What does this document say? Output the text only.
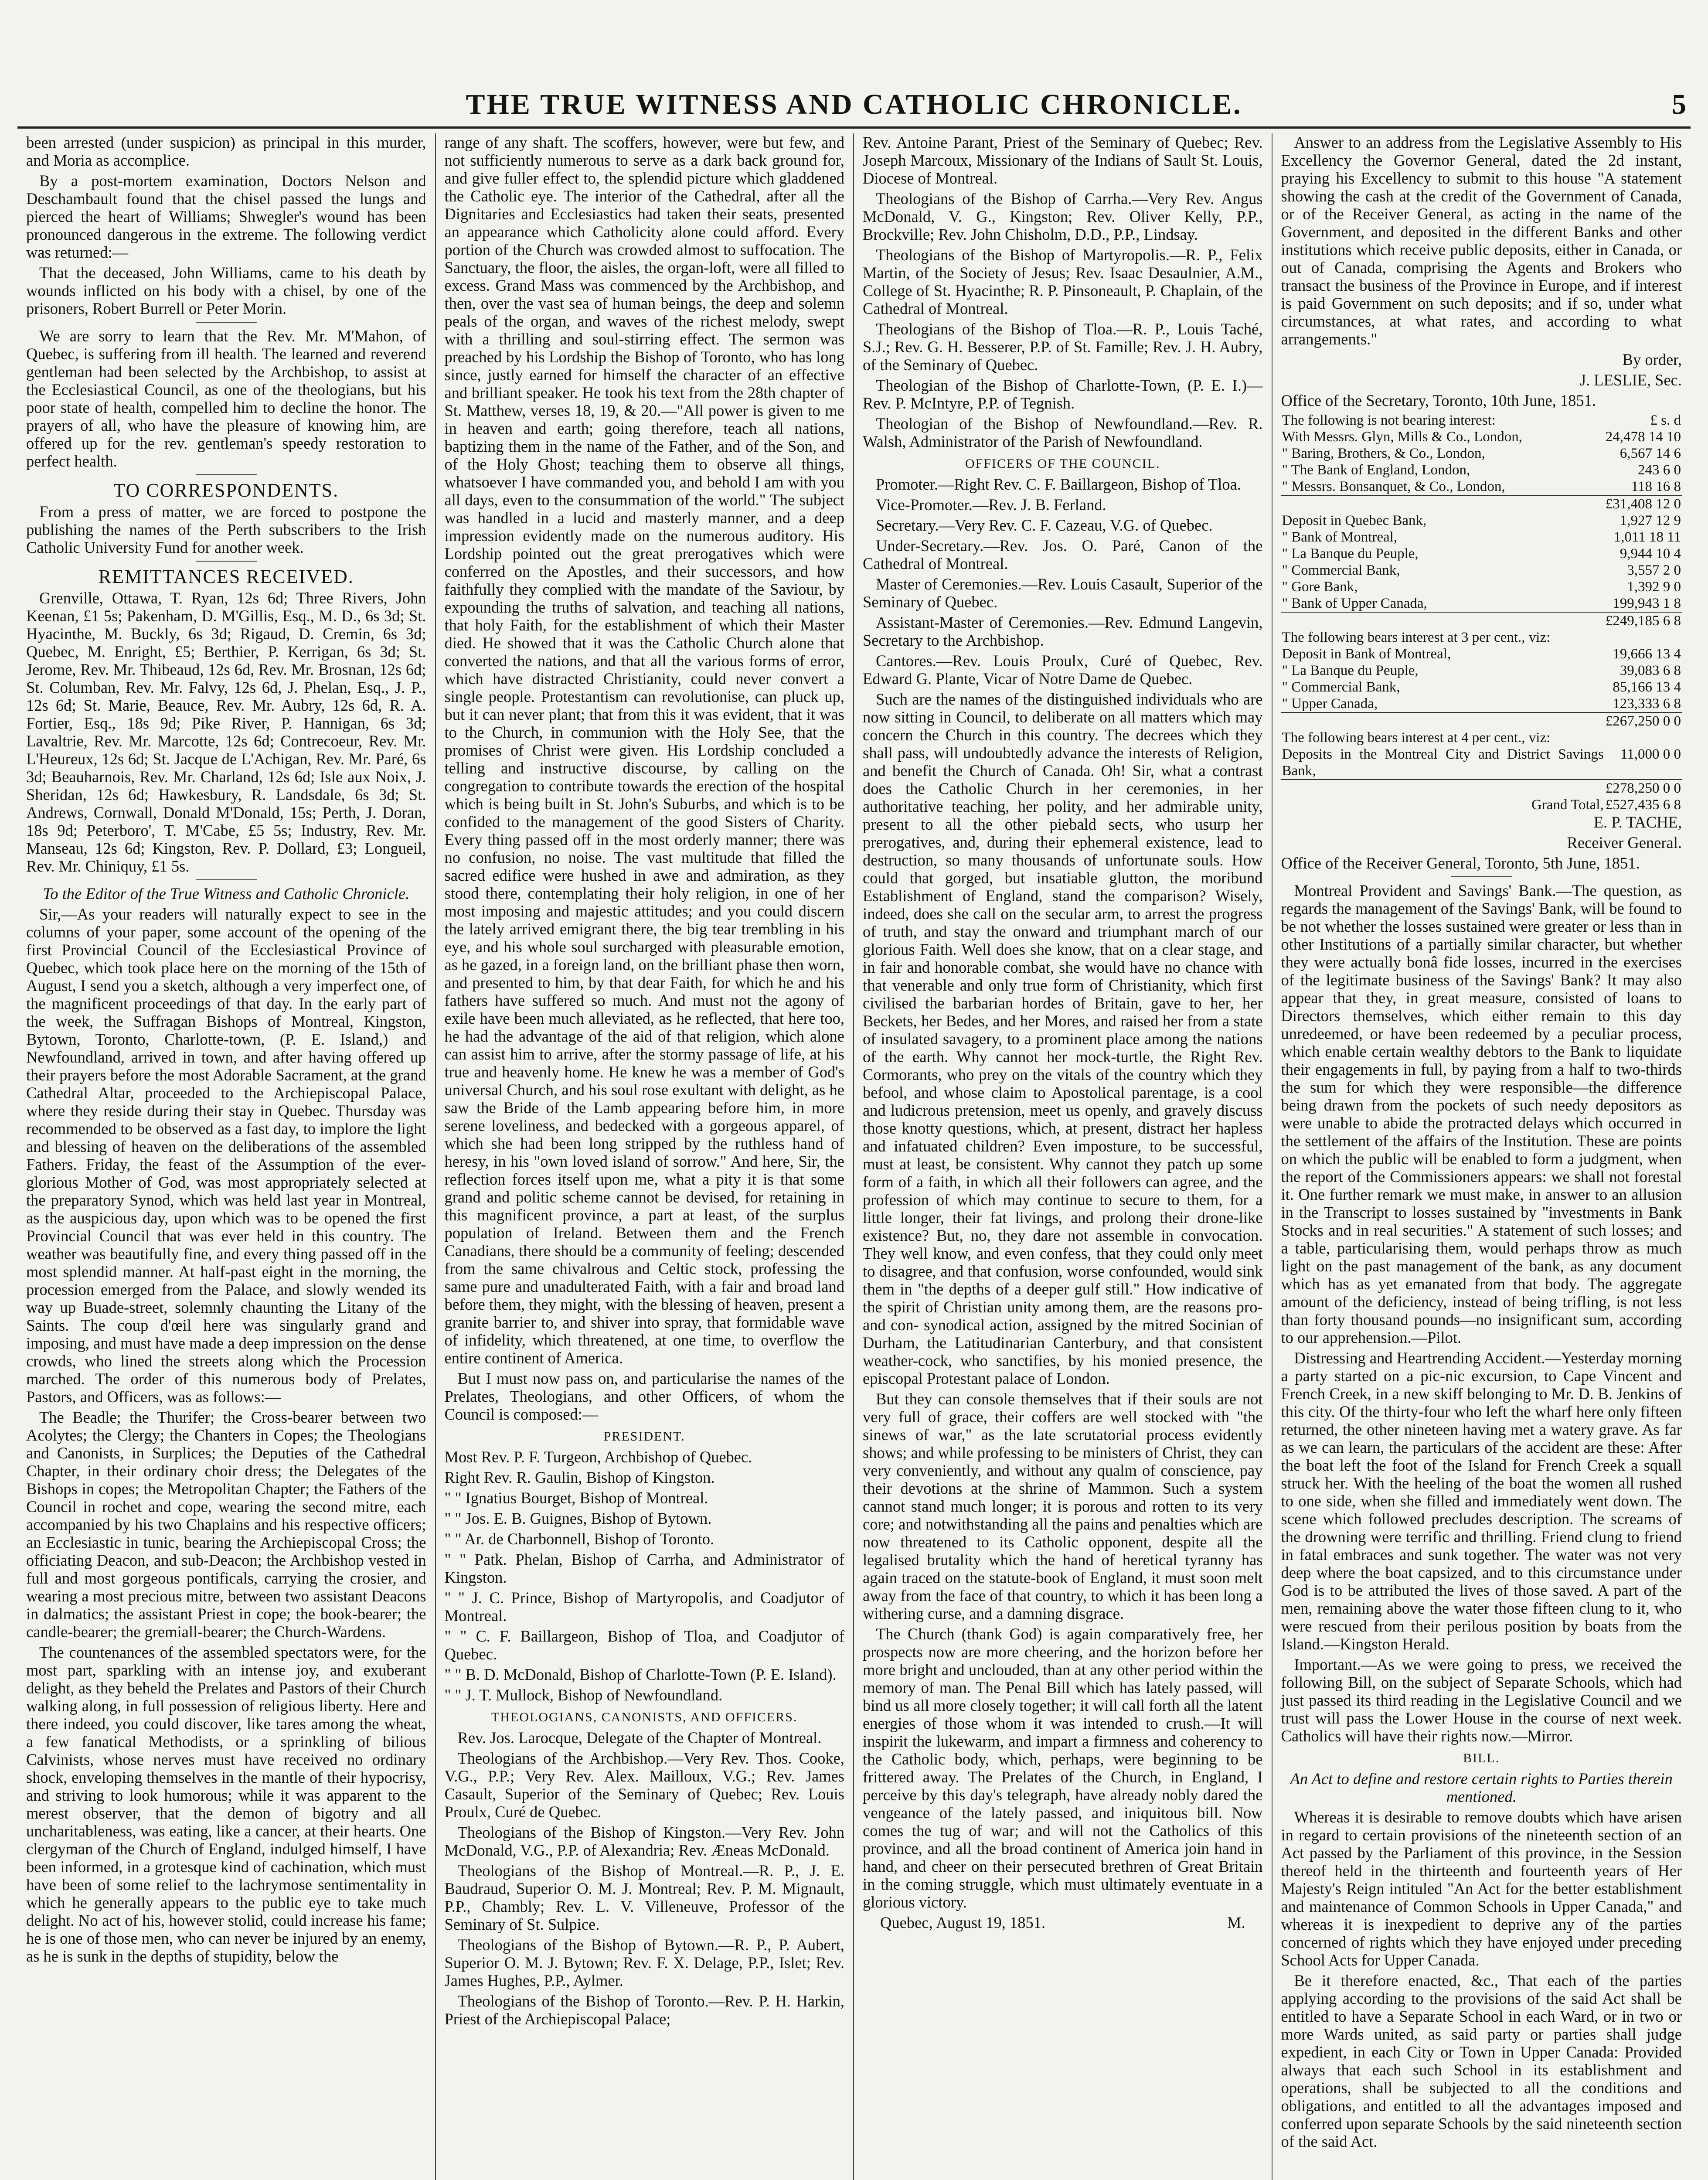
THE TRUE WITNESS AND CATHOLIC CHRONICLE.	5

been arrested (under suspicion) as principal in this murder, and Moria as accomplice.

By a post-mortem examination, Doctors Nelson and Deschambault found that the chisel passed the lungs and pierced the heart of Williams; Shwegler's wound has been pronounced dangerous in the extreme. The following verdict was returned:—

That the deceased, John Williams, came to his death by wounds inflicted on his body with a chisel, by one of the prisoners, Robert Burrell or Peter Morin.

We are sorry to learn that the Rev. Mr. M'Mahon, of Quebec, is suffering from ill health. The learned and reverend gentleman had been selected by the Archbishop, to assist at the Ecclesiastical Council, as one of the theologians, but his poor state of health, compelled him to decline the honor. The prayers of all, who have the pleasure of knowing him, are offered up for the rev. gentleman's speedy restoration to perfect health.

TO CORRESPONDENTS.

From a press of matter, we are forced to postpone the publishing the names of the Perth subscribers to the Irish Catholic University Fund for another week.

REMITTANCES RECEIVED.

Grenville, Ottawa, T. Ryan, 12s 6d; Three Rivers, John Keenan, £1 5s; Pakenham, D. M'Gillis, Esq., M. D., 6s 3d; St. Hyacinthe, M. Buckly, 6s 3d; Rigaud, D. Cremin, 6s 3d; Quebec, M. Enright, £5; Berthier, P. Kerrigan, 6s 3d; St. Jerome, Rev. Mr. Thibeaud, 12s 6d, Rev. Mr. Brosnan, 12s 6d; St. Columban, Rev. Mr. Falvy, 12s 6d, J. Phelan, Esq., J. P., 12s 6d; St. Marie, Beauce, Rev. Mr. Aubry, 12s 6d, R. A. Fortier, Esq., 18s 9d; Pike River, P. Hannigan, 6s 3d; Lavaltrie, Rev. Mr. Marcotte, 12s 6d; Contrecoeur, Rev. Mr. L'Heureux, 12s 6d; St. Jacque de L'Achigan, Rev. Mr. Paré, 6s 3d; Beauharnois, Rev. Mr. Charland, 12s 6d; Isle aux Noix, J. Sheridan, 12s 6d; Hawkesbury, R. Landsdale, 6s 3d; St. Andrews, Cornwall, Donald M'Donald, 15s; Perth, J. Doran, 18s 9d; Peterboro', T. M'Cabe, £5 5s; Industry, Rev. Mr. Manseau, 12s 6d; Kingston, Rev. P. Dollard, £3; Longueil, Rev. Mr. Chiniquy, £1 5s.

To the Editor of the True Witness and Catholic Chronicle.

Sir,—As your readers will naturally expect to see in the columns of your paper, some account of the opening of the first Provincial Council of the Ecclesiastical Province of Quebec, which took place here on the morning of the 15th of August, I send you a sketch, although a very imperfect one, of the magnificent proceedings of that day. In the early part of the week, the Suffragan Bishops of Montreal, Kingston, Bytown, Toronto, Charlotte-town, (P. E. Island,) and Newfoundland, arrived in town, and after having offered up their prayers before the most Adorable Sacrament, at the grand Cathedral Altar, proceeded to the Archiepiscopal Palace, where they reside during their stay in Quebec. Thursday was recommended to be observed as a fast day, to implore the light and blessing of heaven on the deliberations of the assembled Fathers. Friday, the feast of the Assumption of the ever-glorious Mother of God, was most appropriately selected at the preparatory Synod, which was held last year in Montreal, as the auspicious day, upon which was to be opened the first Provincial Council that was ever held in this country. The weather was beautifully fine, and every thing passed off in the most splendid manner. At half-past eight in the morning, the procession emerged from the Palace, and slowly wended its way up Buade-street, solemnly chaunting the Litany of the Saints. The coup d'œil here was singularly grand and imposing, and must have made a deep impression on the dense crowds, who lined the streets along which the Procession marched. The order of this numerous body of Prelates, Pastors, and Officers, was as follows:—

The Beadle; the Thurifer; the Cross-bearer between two Acolytes; the Clergy; the Chanters in Copes; the Theologians and Canonists, in Surplices; the Deputies of the Cathedral Chapter, in their ordinary choir dress; the Delegates of the Bishops in copes; the Metropolitan Chapter; the Fathers of the Council in rochet and cope, wearing the second mitre, each accompanied by his two Chaplains and his respective officers; an Ecclesiastic in tunic, bearing the Archiepiscopal Cross; the officiating Deacon, and sub-Deacon; the Archbishop vested in full and most gorgeous pontificals, carrying the crosier, and wearing a most precious mitre, between two assistant Deacons in dalmatics; the assistant Priest in cope; the book-bearer; the candle-bearer; the gremiall-bearer; the Church-Wardens.

The countenances of the assembled spectators were, for the most part, sparkling with an intense joy, and exuberant delight, as they beheld the Prelates and Pastors of their Church walking along, in full possession of religious liberty. Here and there indeed, you could discover, like tares among the wheat, a few fanatical Methodists, or a sprinkling of bilious Calvinists, whose nerves must have received no ordinary shock, enveloping themselves in the mantle of their hypocrisy, and striving to look humorous; while it was apparent to the merest observer, that the demon of bigotry and all uncharitableness, was eating, like a cancer, at their hearts. One clergyman of the Church of England, indulged himself, I have been informed, in a grotesque kind of cachination, which must have been of some relief to the lachrymose sentimentality in which he generally appears to the public eye to take much delight. No act of his, however stolid, could increase his fame; he is one of those men, who can never be injured by an enemy, as he is sunk in the depths of stupidity, below the

range of any shaft. The scoffers, however, were but few, and not sufficiently numerous to serve as a dark back ground for, and give fuller effect to, the splendid picture which gladdened the Catholic eye. The interior of the Cathedral, after all the Dignitaries and Ecclesiastics had taken their seats, presented an appearance which Catholicity alone could afford. Every portion of the Church was crowded almost to suffocation. The Sanctuary, the floor, the aisles, the organ-loft, were all filled to excess. Grand Mass was commenced by the Archbishop, and then, over the vast sea of human beings, the deep and solemn peals of the organ, and waves of the richest melody, swept with a thrilling and soul-stirring effect. The sermon was preached by his Lordship the Bishop of Toronto, who has long since, justly earned for himself the character of an effective and brilliant speaker. He took his text from the 28th chapter of St. Matthew, verses 18, 19, & 20.—"All power is given to me in heaven and earth; going therefore, teach all nations, baptizing them in the name of the Father, and of the Son, and of the Holy Ghost; teaching them to observe all things, whatsoever I have commanded you, and behold I am with you all days, even to the consummation of the world." The subject was handled in a lucid and masterly manner, and a deep impression evidently made on the numerous auditory. His Lordship pointed out the great prerogatives which were conferred on the Apostles, and their successors, and how faithfully they complied with the mandate of the Saviour, by expounding the truths of salvation, and teaching all nations, that holy Faith, for the establishment of which their Master died. He showed that it was the Catholic Church alone that converted the nations, and that all the various forms of error, which have distracted Christianity, could never convert a single people. Protestantism can revolutionise, can pluck up, but it can never plant; that from this it was evident, that it was to the Church, in communion with the Holy See, that the promises of Christ were given. His Lordship concluded a telling and instructive discourse, by calling on the congregation to contribute towards the erection of the hospital which is being built in St. John's Suburbs, and which is to be confided to the management of the good Sisters of Charity. Every thing passed off in the most orderly manner; there was no confusion, no noise. The vast multitude that filled the sacred edifice were hushed in awe and admiration, as they stood there, contemplating their holy religion, in one of her most imposing and majestic attitudes; and you could discern the lately arrived emigrant there, the big tear trembling in his eye, and his whole soul surcharged with pleasurable emotion, as he gazed, in a foreign land, on the brilliant phase then worn, and presented to him, by that dear Faith, for which he and his fathers have suffered so much. And must not the agony of exile have been much alleviated, as he reflected, that here too, he had the advantage of the aid of that religion, which alone can assist him to arrive, after the stormy passage of life, at his true and heavenly home. He knew he was a member of God's universal Church, and his soul rose exultant with delight, as he saw the Bride of the Lamb appearing before him, in more serene loveliness, and bedecked with a gorgeous apparel, of which she had been long stripped by the ruthless hand of heresy, in his "own loved island of sorrow." And here, Sir, the reflection forces itself upon me, what a pity it is that some grand and politic scheme cannot be devised, for retaining in this magnificent province, a part at least, of the surplus population of Ireland. Between them and the French Canadians, there should be a community of feeling; descended from the same chivalrous and Celtic stock, professing the same pure and unadulterated Faith, with a fair and broad land before them, they might, with the blessing of heaven, present a granite barrier to, and shiver into spray, that formidable wave of infidelity, which threatened, at one time, to overflow the entire continent of America.

But I must now pass on, and particularise the names of the Prelates, Theologians, and other Officers, of whom the Council is composed:—

PRESIDENT.

Most Rev. P. F. Turgeon, Archbishop of Quebec.

Right Rev. R. Gaulin, Bishop of Kingston.

" " Ignatius Bourget, Bishop of Montreal.

" " Jos. E. B. Guignes, Bishop of Bytown.

" " Ar. de Charbonnell, Bishop of Toronto.

" " Patk. Phelan, Bishop of Carrha, and Administrator of Kingston.

" " J. C. Prince, Bishop of Martyropolis, and Coadjutor of Montreal.

" " C. F. Baillargeon, Bishop of Tloa, and Coadjutor of Quebec.

" " B. D. McDonald, Bishop of Charlotte-Town (P. E. Island).

" " J. T. Mullock, Bishop of Newfoundland.

THEOLOGIANS, CANONISTS, AND OFFICERS.

Rev. Jos. Larocque, Delegate of the Chapter of Montreal.

Theologians of the Archbishop.—Very Rev. Thos. Cooke, V.G., P.P.; Very Rev. Alex. Mailloux, V.G.; Rev. James Casault, Superior of the Seminary of Quebec; Rev. Louis Proulx, Curé de Quebec.

Theologians of the Bishop of Kingston.—Very Rev. John McDonald, V.G., P.P. of Alexandria; Rev. Æneas McDonald.

Theologians of the Bishop of Montreal.—R. P., J. E. Baudraud, Superior O. M. J. Montreal; Rev. P. M. Mignault, P.P., Chambly; Rev. L. V. Villeneuve, Professor of the Seminary of St. Sulpice.

Theologians of the Bishop of Bytown.—R. P., P. Aubert, Superior O. M. J. Bytown; Rev. F. X. Delage, P.P., Islet; Rev. James Hughes, P.P., Aylmer.

Theologians of the Bishop of Toronto.—Rev. P. H. Harkin, Priest of the Archiepiscopal Palace;

Rev. Antoine Parant, Priest of the Seminary of Quebec; Rev. Joseph Marcoux, Missionary of the Indians of Sault St. Louis, Diocese of Montreal.

Theologians of the Bishop of Carrha.—Very Rev. Angus McDonald, V. G., Kingston; Rev. Oliver Kelly, P.P., Brockville; Rev. John Chisholm, D.D., P.P., Lindsay.

Theologians of the Bishop of Martyropolis.—R. P., Felix Martin, of the Society of Jesus; Rev. Isaac Desaulnier, A.M., College of St. Hyacinthe; R. P. Pinsoneault, P. Chaplain, of the Cathedral of Montreal.

Theologians of the Bishop of Tloa.—R. P., Louis Taché, S.J.; Rev. G. H. Besserer, P.P. of St. Famille; Rev. J. H. Aubry, of the Seminary of Quebec.

Theologian of the Bishop of Charlotte-Town, (P. E. I.)—Rev. P. McIntyre, P.P. of Tegnish.

Theologian of the Bishop of Newfoundland.—Rev. R. Walsh, Administrator of the Parish of Newfoundland.

OFFICERS OF THE COUNCIL.

Promoter.—Right Rev. C. F. Baillargeon, Bishop of Tloa.

Vice-Promoter.—Rev. J. B. Ferland.

Secretary.—Very Rev. C. F. Cazeau, V.G. of Quebec.

Under-Secretary.—Rev. Jos. O. Paré, Canon of the Cathedral of Montreal.

Master of Ceremonies.—Rev. Louis Casault, Superior of the Seminary of Quebec.

Assistant-Master of Ceremonies.—Rev. Edmund Langevin, Secretary to the Archbishop.

Cantores.—Rev. Louis Proulx, Curé of Quebec, Rev. Edward G. Plante, Vicar of Notre Dame de Quebec.

Such are the names of the distinguished individuals who are now sitting in Council, to deliberate on all matters which may concern the Church in this country. The decrees which they shall pass, will undoubtedly advance the interests of Religion, and benefit the Church of Canada. Oh! Sir, what a contrast does the Catholic Church in her ceremonies, in her authoritative teaching, her polity, and her admirable unity, present to all the other piebald sects, who usurp her prerogatives, and, during their ephemeral existence, lead to destruction, so many thousands of unfortunate souls. How could that gorged, but insatiable glutton, the moribund Establishment of England, stand the comparison? Wisely, indeed, does she call on the secular arm, to arrest the progress of truth, and stay the onward and triumphant march of our glorious Faith. Well does she know, that on a clear stage, and in fair and honorable combat, she would have no chance with that venerable and only true form of Christianity, which first civilised the barbarian hordes of Britain, gave to her, her Beckets, her Bedes, and her Mores, and raised her from a state of insulated savagery, to a prominent place among the nations of the earth. Why cannot her mock-turtle, the Right Rev. Cormorants, who prey on the vitals of the country which they befool, and whose claim to Apostolical parentage, is a cool and ludicrous pretension, meet us openly, and gravely discuss those knotty questions, which, at present, distract her hapless and infatuated children? Even imposture, to be successful, must at least, be consistent. Why cannot they patch up some form of a faith, in which all their followers can agree, and the profession of which may continue to secure to them, for a little longer, their fat livings, and prolong their drone-like existence? But, no, they dare not assemble in convocation. They well know, and even confess, that they could only meet to disagree, and that confusion, worse confounded, would sink them in "the depths of a deeper gulf still." How indicative of the spirit of Christian unity among them, are the reasons pro- and con- synodical action, assigned by the mitred Socinian of Durham, the Latitudinarian Canterbury, and that consistent weather-cock, who sanctifies, by his monied presence, the episcopal Protestant palace of London.

But they can console themselves that if their souls are not very full of grace, their coffers are well stocked with "the sinews of war," as the late scrutatorial process evidently shows; and while professing to be ministers of Christ, they can very conveniently, and without any qualm of conscience, pay their devotions at the shrine of Mammon. Such a system cannot stand much longer; it is porous and rotten to its very core; and notwithstanding all the pains and penalties which are now threatened to its Catholic opponent, despite all the legalised brutality which the hand of heretical tyranny has again traced on the statute-book of England, it must soon melt away from the face of that country, to which it has been long a withering curse, and a damning disgrace.

The Church (thank God) is again comparatively free, her prospects now are more cheering, and the horizon before her more bright and unclouded, than at any other period within the memory of man. The Penal Bill which has lately passed, will bind us all more closely together; it will call forth all the latent energies of those whom it was intended to crush.—It will inspirit the lukewarm, and impart a firmness and coherency to the Catholic body, which, perhaps, were beginning to be frittered away. The Prelates of the Church, in England, I perceive by this day's telegraph, have already nobly dared the vengeance of the lately passed, and iniquitous bill. Now comes the tug of war; and will not the Catholics of this province, and all the broad continent of America join hand in hand, and cheer on their persecuted brethren of Great Britain in the coming struggle, which must ultimately eventuate in a glorious victory.

Quebec, August 19, 1851.	M.

Answer to an address from the Legislative Assembly to His Excellency the Governor General, dated the 2d instant, praying his Excellency to submit to this house "A statement showing the cash at the credit of the Government of Canada, or of the Receiver General, as acting in the name of the Government, and deposited in the different Banks and other institutions which receive public deposits, either in Canada, or out of Canada, comprising the Agents and Brokers who transact the business of the Province in Europe, and if interest is paid Government on such deposits; and if so, under what circumstances, at what rates, and according to what arrangements."

By order,

J. LESLIE, Sec.

Office of the Secretary, Toronto, 10th June, 1851.

The following is not bearing interest:	£ s. d
With Messrs. Glyn, Mills & Co., London,	24,478 14 10
" Baring, Brothers, & Co., London,	6,567 14 6
" The Bank of England, London,	243 6 0
" Messrs. Bonsanquet, & Co., London,	118 16 8
	£31,408 12 0
Deposit in Quebec Bank,	1,927 12 9
" Bank of Montreal,	1,011 18 11
" La Banque du Peuple,	9,944 10 4
" Commercial Bank,	3,557 2 0
" Gore Bank,	1,392 9 0
" Bank of Upper Canada,	199,943 1 8
	£249,185 6 8
The following bears interest at 3 per cent., viz:	
Deposit in Bank of Montreal,	19,666 13 4
" La Banque du Peuple,	39,083 6 8
" Commercial Bank,	85,166 13 4
" Upper Canada,	123,333 6 8
	£267,250 0 0
The following bears interest at 4 per cent., viz:	
Deposits in the Montreal City and District Savings Bank,	11,000 0 0
	£278,250 0 0
Grand Total,	£527,435 6 8

E. P. TACHE,

Receiver General.

Office of the Receiver General, Toronto, 5th June, 1851.

Montreal Provident and Savings' Bank.—The question, as regards the management of the Savings' Bank, will be found to be not whether the losses sustained were greater or less than in other Institutions of a partially similar character, but whether they were actually bonâ fide losses, incurred in the exercises of the legitimate business of the Savings' Bank? It may also appear that they, in great measure, consisted of loans to Directors themselves, which either remain to this day unredeemed, or have been redeemed by a peculiar process, which enable certain wealthy debtors to the Bank to liquidate their engagements in full, by paying from a half to two-thirds the sum for which they were responsible—the difference being drawn from the pockets of such needy depositors as were unable to abide the protracted delays which occurred in the settlement of the affairs of the Institution. These are points on which the public will be enabled to form a judgment, when the report of the Commissioners appears: we shall not forestal it. One further remark we must make, in answer to an allusion in the Transcript to losses sustained by "investments in Bank Stocks and in real securities." A statement of such losses; and a table, particularising them, would perhaps throw as much light on the past management of the bank, as any document which has as yet emanated from that body. The aggregate amount of the deficiency, instead of being trifling, is not less than forty thousand pounds—no insignificant sum, according to our apprehension.—Pilot.

Distressing and Heartrending Accident.—Yesterday morning a party started on a pic-nic excursion, to Cape Vincent and French Creek, in a new skiff belonging to Mr. D. B. Jenkins of this city. Of the thirty-four who left the wharf here only fifteen returned, the other nineteen having met a watery grave. As far as we can learn, the particulars of the accident are these: After the boat left the foot of the Island for French Creek a squall struck her. With the heeling of the boat the women all rushed to one side, when she filled and immediately went down. The scene which followed precludes description. The screams of the drowning were terrific and thrilling. Friend clung to friend in fatal embraces and sunk together. The water was not very deep where the boat capsized, and to this circumstance under God is to be attributed the lives of those saved. A part of the men, remaining above the water those fifteen clung to it, who were rescued from their perilous position by boats from the Island.—Kingston Herald.

Important.—As we were going to press, we received the following Bill, on the subject of Separate Schools, which had just passed its third reading in the Legislative Council and we trust will pass the Lower House in the course of next week. Catholics will have their rights now.—Mirror.

BILL.

An Act to define and restore certain rights to Parties therein mentioned.

Whereas it is desirable to remove doubts which have arisen in regard to certain provisions of the nineteenth section of an Act passed by the Parliament of this province, in the Session thereof held in the thirteenth and fourteenth years of Her Majesty's Reign intituled "An Act for the better establishment and maintenance of Common Schools in Upper Canada," and whereas it is inexpedient to deprive any of the parties concerned of rights which they have enjoyed under preceding School Acts for Upper Canada.

Be it therefore enacted, &c., That each of the parties applying according to the provisions of the said Act shall be entitled to have a Separate School in each Ward, or in two or more Wards united, as said party or parties shall judge expedient, in each City or Town in Upper Canada: Provided always that each such School in its establishment and operations, shall be subjected to all the conditions and obligations, and entitled to all the advantages imposed and conferred upon separate Schools by the said nineteenth section of the said Act.
